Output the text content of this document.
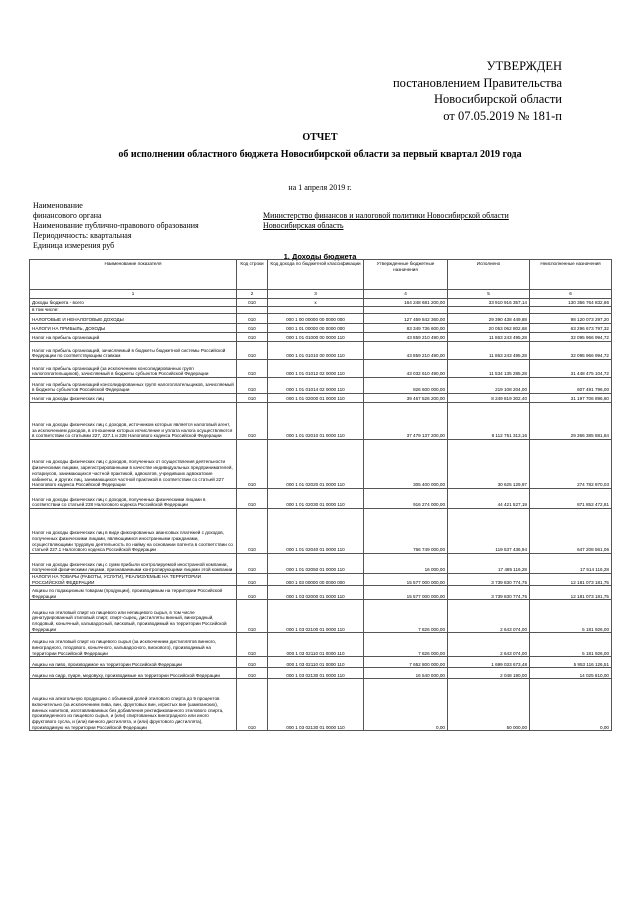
УТВЕРЖДЕН
постановлением Правительства
Новосибирской области
от 07.05.2019 № 181-п
ОТЧЕТ
об исполнении областного бюджета Новосибирской области за первый квартал 2019 года
на 1 апреля 2019 г.
Наименование
финансового органа	Министерство финансов и налоговой политики Новосибирской области
Наименование публично-правового образования	Новосибирская область
Периодичность: квартальная
Единица измерения руб
1. Доходы бюджета
Наименование показателя	Код строки	Код дохода по бюджетной классификации	Утвержденные бюджетные назначения	Исполнено	Неисполненные назначения
1	2	3	4	5	6
Доходы бюджета - всего	010	x	164 248 681 200,00	33 910 916 357,14	130 356 764 832,86
в том числе:					
НАЛОГОВЫЕ И НЕНАЛОГОВЫЕ ДОХОДЫ	010	000 1 00 00000 00 0000 000	127 459 842 360,00	29 390 438 449,88	98 120 073 297,20
НАЛОГИ НА ПРИБЫЛЬ, ДОХОДЫ	010	000 1 01 00000 00 0000 000	83 349 736 600,00	20 053 062 802,68	63 296 673 797,32
Налог на прибыль организаций	010	000 1 01 01000 00 0000 110	43 859 210 490,00	11 863 243 495,28	32 095 966 994,72
Налог на прибыль организаций, зачисляемый в бюджеты бюджетной системы Российской Федерации по соответствующим ставкам	010	000 1 01 01010 00 0000 110	43 859 210 490,00	11 863 243 495,28	32 095 966 994,72
Налог на прибыль организаций (за исключением консолидированных групп налогоплательщиков), зачисляемый в бюджеты субъектов Российской Федерации	010	000 1 01 01012 02 0000 110	43 032 610 490,00	11 534 135 285,28	31 448 475 104,72
Налог на прибыль организаций консолидированных групп налогоплательщиков, зачисляемый в бюджеты субъектов Российской Федерации	010	000 1 01 01014 02 0000 110	826 600 000,00	219 108 204,00	607 491 796,00
Налог на доходы физических лиц	010	000 1 01 02000 01 0000 110	39 467 526 200,00	8 249 819 302,40	31 197 706 896,60
Налог на доходы физических лиц с доходов, источником которых является налоговый агент, за исключением доходов, в отношении которых исчисление и уплата налога осуществляются в соответствии со статьями 227, 227.1 и 228 Налогового кодекса Российской Федерации	010	000 1 01 02010 01 0000 110	37 479 137 200,00	8 112 751 313,16	29 366 385 881,84
Налог на доходы физических лиц с доходов, полученных от осуществления деятельности физическими лицами, зарегистрированными в качестве индивидуальных предпринимателей, нотариусов, занимающихся частной практикой, адвокатов, учредивших адвокатские кабинеты, и других лиц, занимающихся частной практикой в соответствии со статьей 227 Налогового кодекса Российской Федерации	010	000 1 01 02020 01 0000 110	305 400 000,00	30 625 129,97	274 782 870,03
Налог на доходы физических лиц с доходов, полученных физическими лицами в соответствии со статьей 228 Налогового кодекса Российской Федерации	010	000 1 01 02030 01 0000 110	916 274 000,00	44 421 527,19	871 852 472,81
Налог на доходы физических лиц в виде фиксированных авансовых платежей с доходов, полученных физическими лицами, являющимися иностранными гражданами, осуществляющими трудовую деятельность по найму на основании патента в соответствии со статьей 227.1 Налогового кодекса Российской Федерации	010	000 1 01 02040 01 0000 110	766 749 000,00	119 537 436,94	647 208 561,06
Налог на доходы физических лиц с сумм прибыли контролируемой иностранной компании, полученной физическими лицами, признаваемыми контролирующими лицами этой компании	010	000 1 01 02050 01 0000 110	16 000,00	17 485 116,28	17 514 116,28
НАЛОГИ НА ТОВАРЫ (РАБОТЫ, УСЛУГИ), РЕАЛИЗУЕМЫЕ НА ТЕРРИТОРИИ РОССИЙСКОЙ ФЕДЕРАЦИИ	010	000 1 03 00000 00 0000 000	15 577 000 000,00	3 739 830 774,75	12 181 073 181,75
Акцизы по подакцизным товарам (продукции), производимым на территории Российской Федерации	010	000 1 03 02000 01 0000 110	15 577 000 000,00	3 739 830 774,75	12 181 073 181,75
Акцизы на этиловый спирт из пищевого или непищевого сырья, в том числе денатурированный этиловый спирт, спирт-сырец, дистилляты винный, виноградный, плодовый, коньячный, кальвадосный, висковый, производимый на территории Российской Федерации	010	000 1 03 02100 01 0000 110	7 826 000,00	2 643 074,00	5 181 926,00
Акцизы на этиловый спирт из пищевого сырья (за исключением дистиллятов винного, виноградного, плодового, коньячного, кальвадосного, вискового), производимый на территории Российской Федерации	010	000 1 03 02110 01 0000 110	7 826 000,00	2 643 074,00	5 181 926,00
Акцизы на пиво, производимое на территории Российской Федерации	010	000 1 03 02110 01 0000 110	7 652 800 000,00	1 699 033 673,48	5 953 116 126,51
Акцизы на сидр, пуаре, медовуху, производимые на территории Российской Федерации	010	000 1 03 02130 01 0000 110	16 540 000,00	2 048 190,00	14 025 810,00
Акцизы на алкогольную продукцию с объемной долей этилового спирта до 9 процентов включительно (за исключением пива, вин, фруктовых вин, игристых вин (шампанских), винных напитков, изготавливаемых без добавления ректификованного этилового спирта, произведенного из пищевого сырья, и (или) спиртованных виноградного или иного фруктового сусла, и (или) винного дистиллята, и (или) фруктового дистиллята), производимую на территории Российской Федерации	010	000 1 03 02130 01 0000 110	0,00	50 000,00	0,00
